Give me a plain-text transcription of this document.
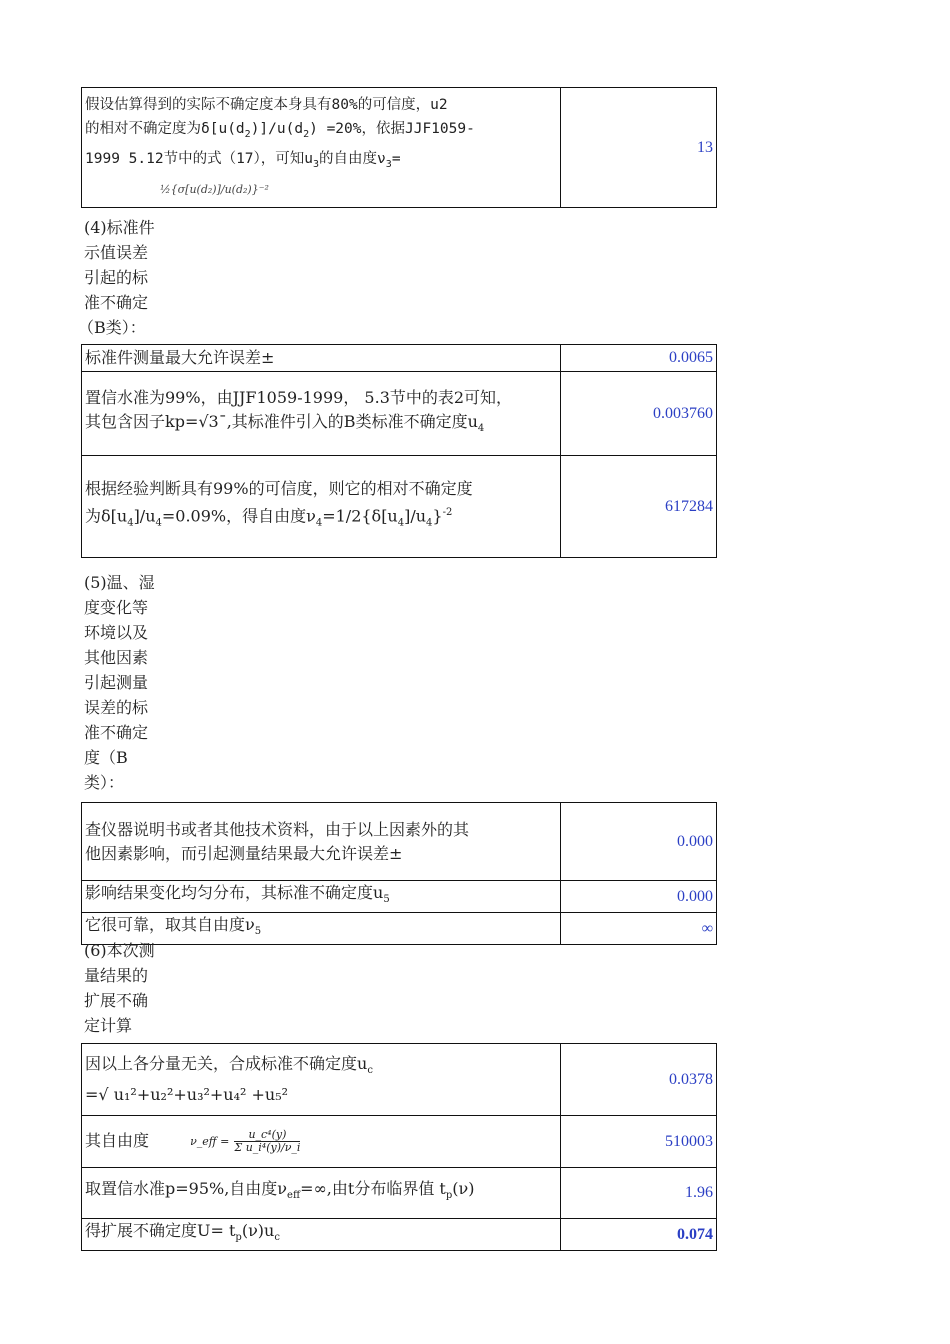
假设估算得到的实际不确定度本身具有80%的可信度，u2
的相对不确定度为$\delta[u(d_2)]/u(d_2) =20\%$，依据JJF1059-
1999 5.12节中的式（17），可知$u_3$的自由度$\nu_3=$
½{σ[u(d₂)]/u(d₂)}⁻²	13
(4)标准件
示值误差
引起的标
准不确定
（B类）：
标准件测量最大允许误差±	0.0065
置信水准为99%，由JJF1059-1999， 5.3节中的表2可知，
其包含因子kp=√3¯,其标准件引入的B类标准不确定度$u_4$	0.003760
根据经验判断具有99%的可信度，则它的相对不确定度
为$\delta[u_4]/u_4=0.09\%$，得自由度$\nu_4=1/2\{\delta[u_4]/u_4\}^{-2}$	617284
(5)温、湿
度变化等
环境以及
其他因素
引起测量
误差的标
准不确定
度（B
类）：
查仪器说明书或者其他技术资料，由于以上因素外的其
他因素影响，而引起测量结果最大允许误差±	0.000
影响结果变化均匀分布，其标准不确定度$u_5$	0.000
它很可靠，取其自由度$\nu_5$	∞
(6)本次测
量结果的
扩展不确
定计算
因以上各分量无关，合成标准不确定度$u_c$
=√ u₁²+u₂²+u₃²+u₄² +u₅²	0.0378
其自由度 ν_eff = $\frac{\text{u\_c⁴(y)}}{\text{Σ u\_i⁴(y)/ν\_i}}$	510003
取置信水准p=95%,自由度$\nu_{eff}=\infty$,由t分布临界值 $t_p(\nu)$	1.96
得扩展不确定度$U= t_p(\nu)u_c$	0.074
